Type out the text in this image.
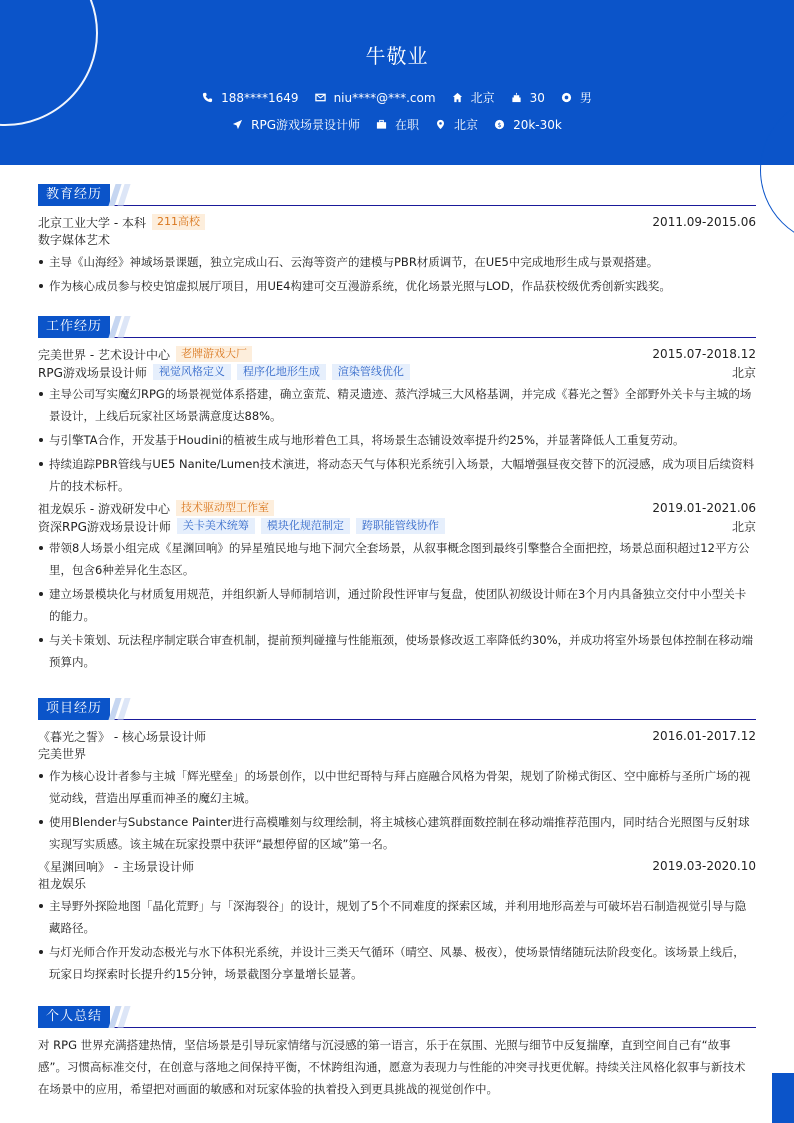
牛敬业
188****1649	niu****@***.com	北京	30	男
RPG游戏场景设计师	在职	北京	$ 20k-30k
教育经历
北京工业大学 - 本科	211高校	2011.09-2015.06
数字媒体艺术
主导《山海经》神域场景课题，独立完成山石、云海等资产的建模与PBR材质调节，在UE5中完成地形生成与景观搭建。
作为核心成员参与校史馆虚拟展厅项目，用UE4构建可交互漫游系统，优化场景光照与LOD，作品获校级优秀创新实践奖。
工作经历
完美世界 - 艺术设计中心	老牌游戏大厂	2015.07-2018.12
RPG游戏场景设计师	视觉风格定义	程序化地形生成	渲染管线优化	北京
主导公司写实魔幻RPG的场景视觉体系搭建，确立蛮荒、精灵遗迹、蒸汽浮城三大风格基调，并完成《暮光之誓》全部野外关卡与主城的场景设计，上线后玩家社区场景满意度达88%。
与引擎TA合作，开发基于Houdini的植被生成与地形着色工具，将场景生态铺设效率提升约25%，并显著降低人工重复劳动。
持续追踪PBR管线与UE5 Nanite/Lumen技术演进，将动态天气与体积光系统引入场景，大幅增强昼夜交替下的沉浸感，成为项目后续资料片的技术标杆。
祖龙娱乐 - 游戏研发中心	技术驱动型工作室	2019.01-2021.06
资深RPG游戏场景设计师	关卡美术统筹	模块化规范制定	跨职能管线协作	北京
带领8人场景小组完成《星渊回响》的异星殖民地与地下洞穴全套场景，从叙事概念图到最终引擎整合全面把控，场景总面积超过12平方公里，包含6种差异化生态区。
建立场景模块化与材质复用规范，并组织新人导师制培训，通过阶段性评审与复盘，使团队初级设计师在3个月内具备独立交付中小型关卡的能力。
与关卡策划、玩法程序制定联合审查机制，提前预判碰撞与性能瓶颈，使场景修改返工率降低约30%，并成功将室外场景包体控制在移动端预算内。
项目经历
《暮光之誓》 - 核心场景设计师	2016.01-2017.12
完美世界
作为核心设计者参与主城「辉光壁垒」的场景创作，以中世纪哥特与拜占庭融合风格为骨架，规划了阶梯式街区、空中廊桥与圣所广场的视觉动线，营造出厚重而神圣的魔幻主城。
使用Blender与Substance Painter进行高模雕刻与纹理绘制，将主城核心建筑群面数控制在移动端推荐范围内，同时结合光照图与反射球实现写实质感。该主城在玩家投票中获评“最想停留的区域”第一名。
《星渊回响》 - 主场景设计师	2019.03-2020.10
祖龙娱乐
主导野外探险地图「晶化荒野」与「深海裂谷」的设计，规划了5个不同难度的探索区域，并利用地形高差与可破坏岩石制造视觉引导与隐藏路径。
与灯光师合作开发动态极光与水下体积光系统，并设计三类天气循环（晴空、风暴、极夜），使场景情绪随玩法阶段变化。该场景上线后，玩家日均探索时长提升约15分钟，场景截图分享量增长显著。
个人总结
对 RPG 世界充满搭建热情，坚信场景是引导玩家情绪与沉浸感的第一语言，乐于在氛围、光照与细节中反复揣摩，直到空间自己有“故事感”。习惯高标准交付，在创意与落地之间保持平衡，不怵跨组沟通，愿意为表现力与性能的冲突寻找更优解。持续关注风格化叙事与新技术在场景中的应用，希望把对画面的敏感和对玩家体验的执着投入到更具挑战的视觉创作中。
